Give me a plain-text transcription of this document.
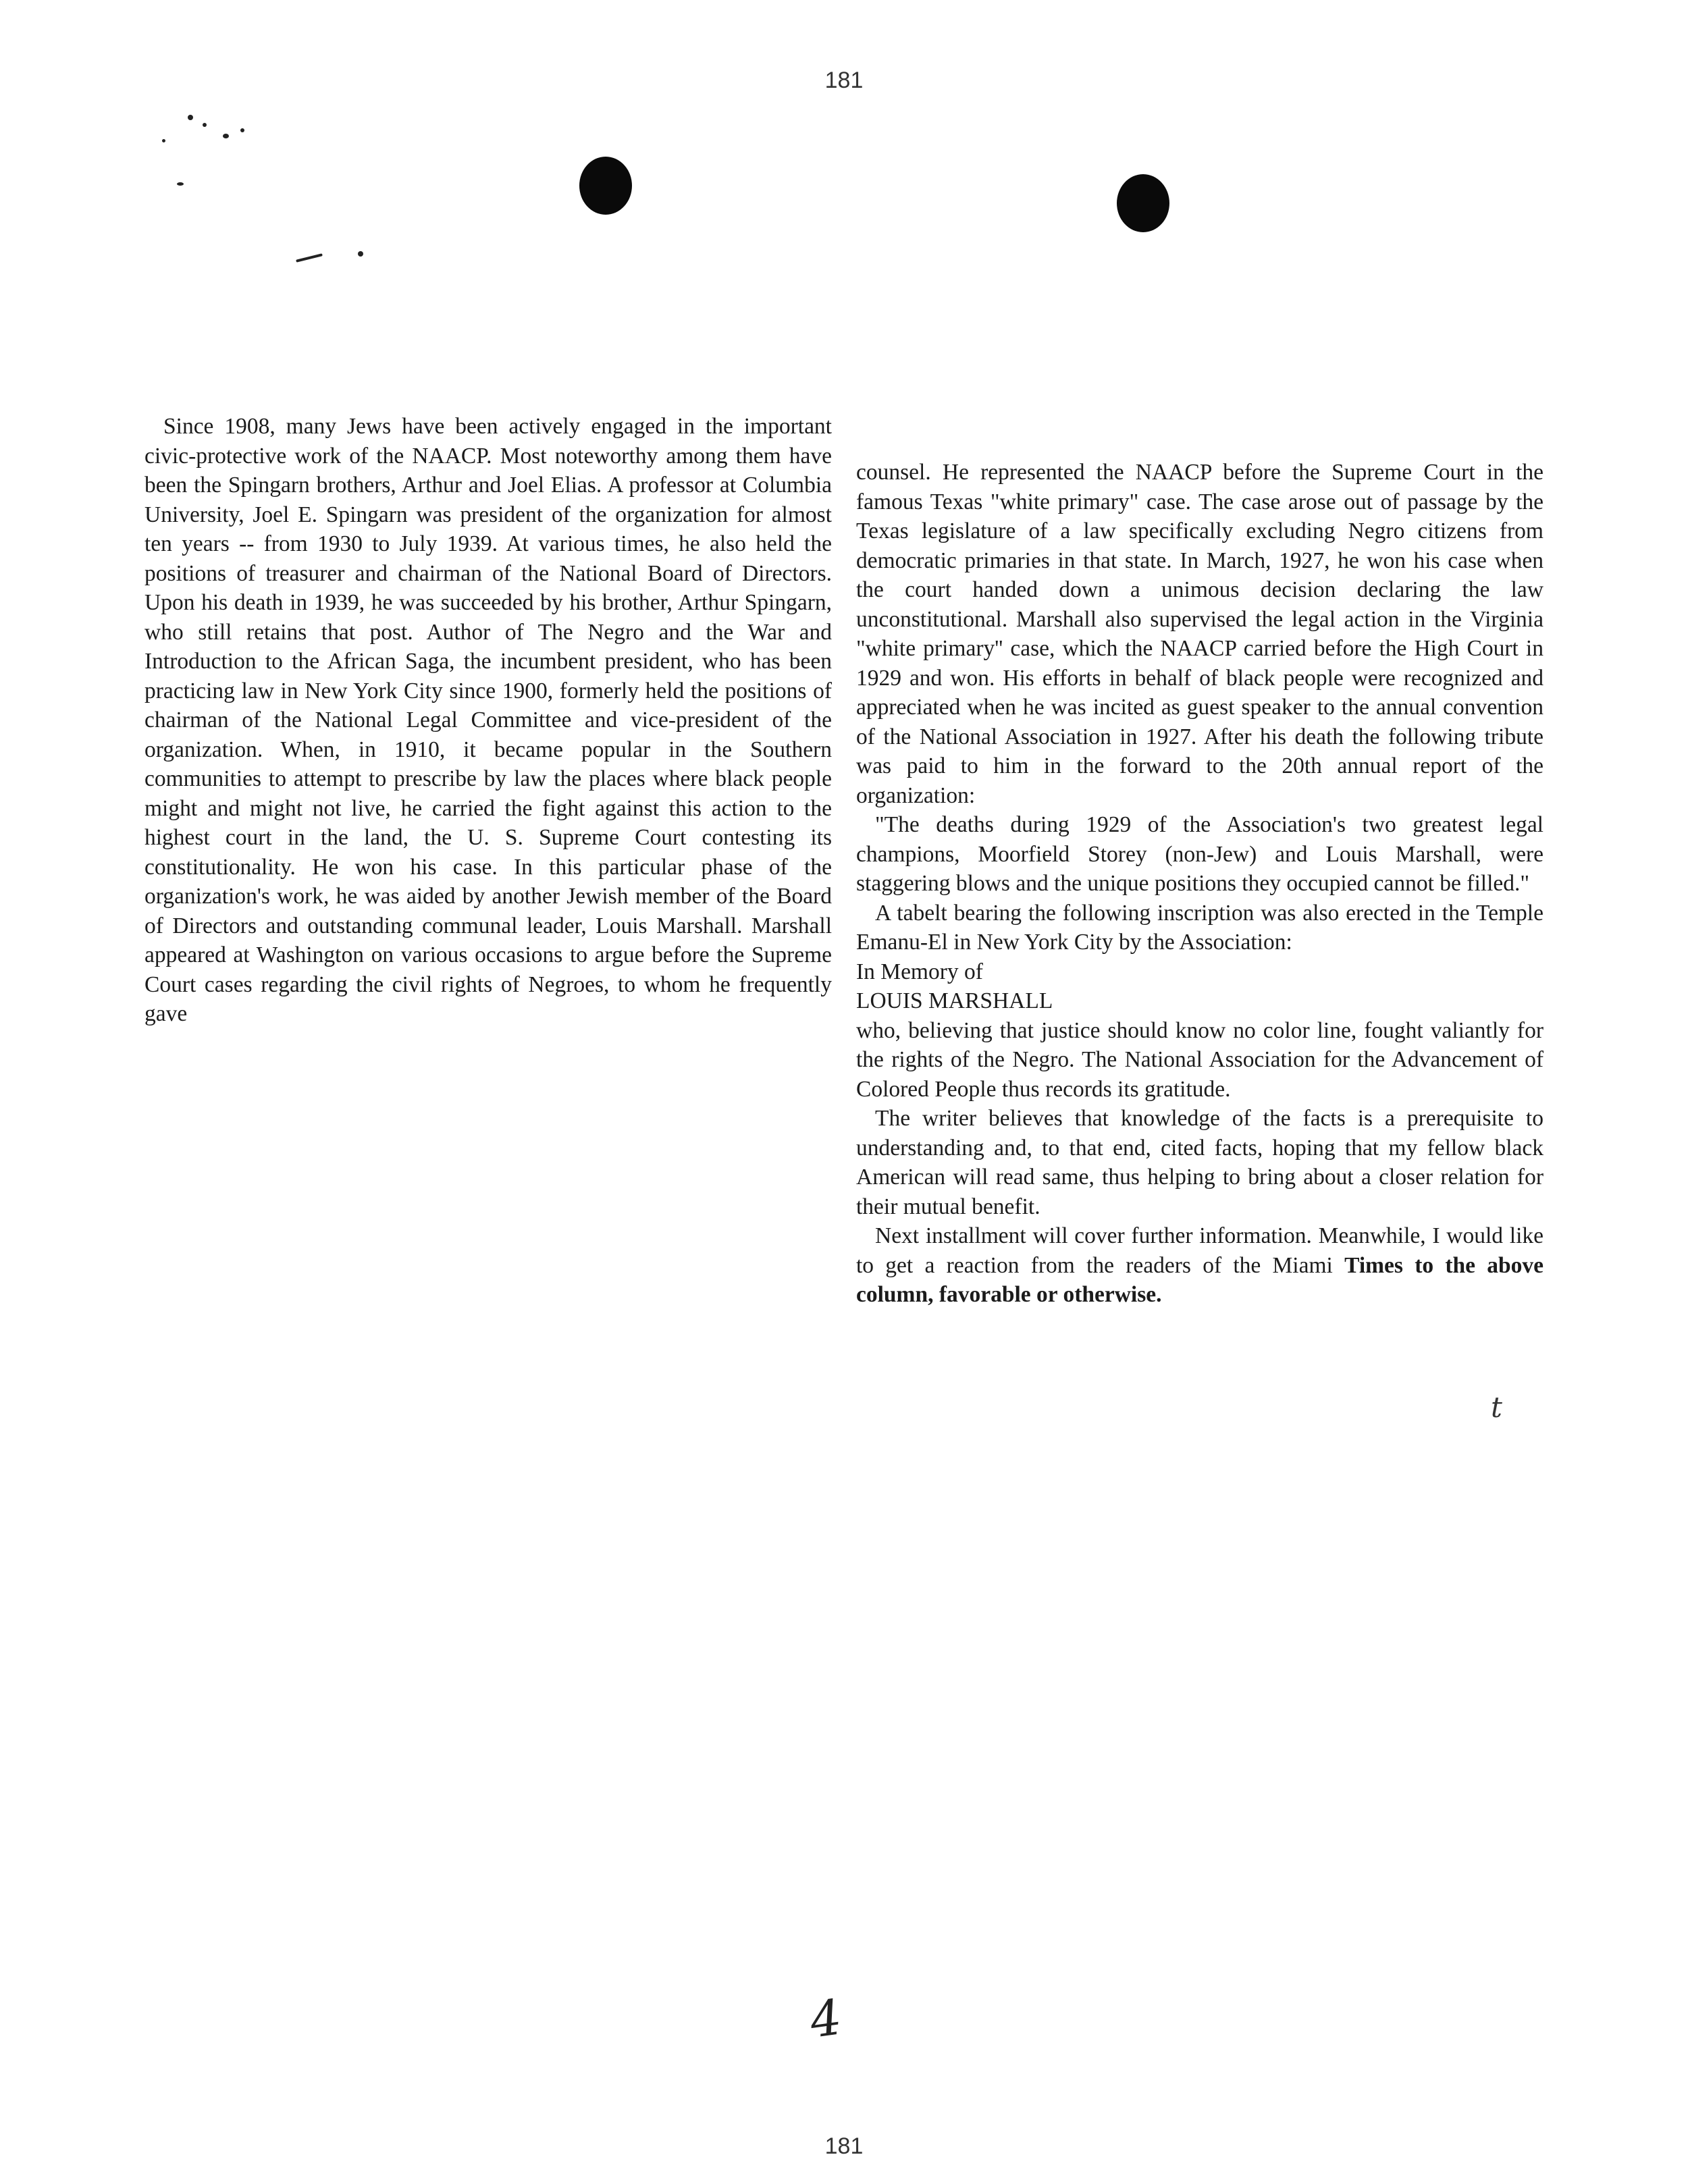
181

Since 1908, many Jews have been actively engaged in the important civic-protective work of the NAACP. Most noteworthy among them have been the Spingarn brothers, Arthur and Joel Elias. A professor at Columbia University, Joel E. Spingarn was president of the organization for almost ten years -- from 1930 to July 1939. At various times, he also held the positions of treasurer and chairman of the National Board of Directors. Upon his death in 1939, he was succeeded by his brother, Arthur Spingarn, who still retains that post. Author of The Negro and the War and Introduction to the African Saga, the incumbent president, who has been practicing law in New York City since 1900, formerly held the positions of chairman of the National Legal Committee and vice-president of the organization. When, in 1910, it became popular in the Southern communities to attempt to prescribe by law the places where black people might and might not live, he carried the fight against this action to the highest court in the land, the U. S. Supreme Court contesting its constitutionality. He won his case. In this particular phase of the organization's work, he was aided by another Jewish member of the Board of Directors and outstanding communal leader, Louis Marshall. Marshall appeared at Washington on various occasions to argue before the Supreme Court cases regarding the civil rights of Negroes, to whom he frequently gave

counsel. He represented the NAACP before the Supreme Court in the famous Texas "white primary" case. The case arose out of passage by the Texas legislature of a law specifically excluding Negro citizens from democratic primaries in that state. In March, 1927, he won his case when the court handed down a unimous decision declaring the law unconstitutional. Marshall also supervised the legal action in the Virginia "white primary'' case, which the NAACP carried before the High Court in 1929 and won. His efforts in behalf of black people were recognized and appreciated when he was incited as guest speaker to the annual convention of the National Association in 1927. After his death the following tribute was paid to him in the forward to the 20th annual report of the organization:

"The deaths during 1929 of the Association's two greatest legal champions, Moorfield Storey (non-Jew) and Louis Marshall, were staggering blows and the unique positions they occupied cannot be filled."

A tabelt bearing the following inscription was also erected in the Temple Emanu-El in New York City by the Association:

In Memory of

LOUIS MARSHALL

who, believing that justice should know no color line, fought valiantly for the rights of the Negro. The National Association for the Advancement of Colored People thus records its gratitude.

The writer believes that knowledge of the facts is a prerequisite to understanding and, to that end, cited facts, hoping that my fellow black American will read same, thus helping to bring about a closer relation for their mutual benefit.

Next installment will cover further information. Meanwhile, I would like to get a reaction from the readers of the Miami Times to the above column, favorable or otherwise.

t
4
181
